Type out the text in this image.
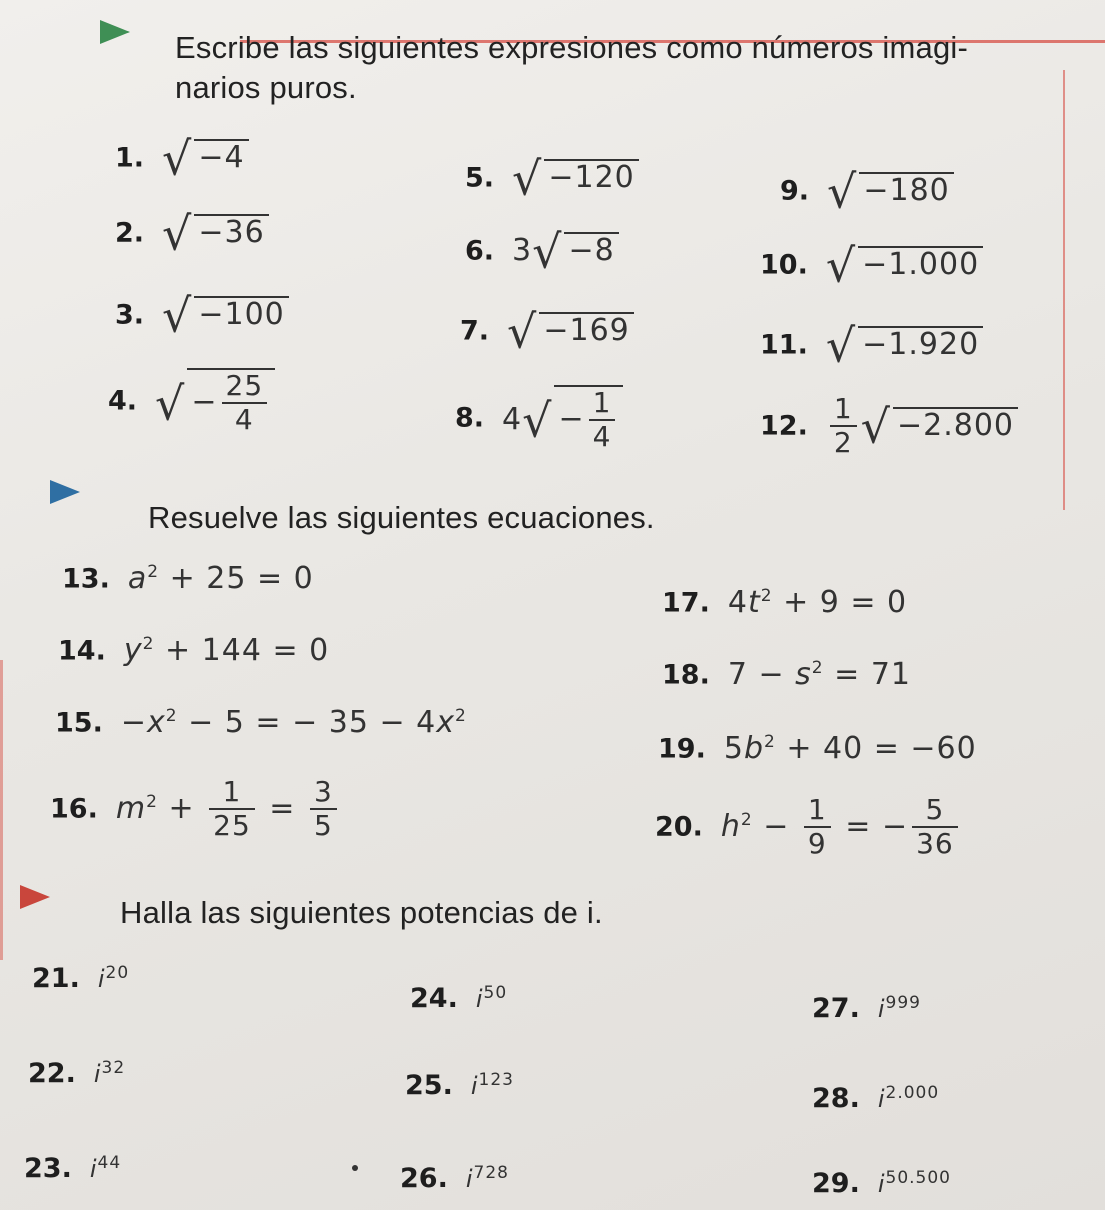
Escribe las siguientes expresiones como números imagi-
narios puros.
1. √ −4
2. √ −36
3. √ −100
4. √ − $\frac{25}{4}$
5. √ −120
6. 3√ −8
7. √ −169
8. $4√ - \frac{1}{4}$
9. √ −180
10. √ −1.000
11. √ −1.920
12. $\frac{1}{2}$ √ −2.800
Resuelve las siguientes ecuaciones.
13. $a^2 + 25 = 0$
14. $y^2 + 144 = 0$
15. $-x^2 - 5$ = − $35 - 4x^2$
16. $m^2 + \frac{1}{25} = \frac{3}{5}$
17. $4t^2 + 9 = 0$
18. $7 - s^2 = 71$
19. $5b^2 + 40 = -60$
20. $h^2 - \frac{1}{9}$ = − $\frac{5}{36}$
Halla las siguientes potencias de i.
21. $i^{20}$
22. $i^{32}$
23. $i^{44}$
24. $i^{50}$
25. $i^{123}$
26. $i^{728}$
27. $i^{999}$
28. $i^{2.000}$
29. $i^{50.500}$
